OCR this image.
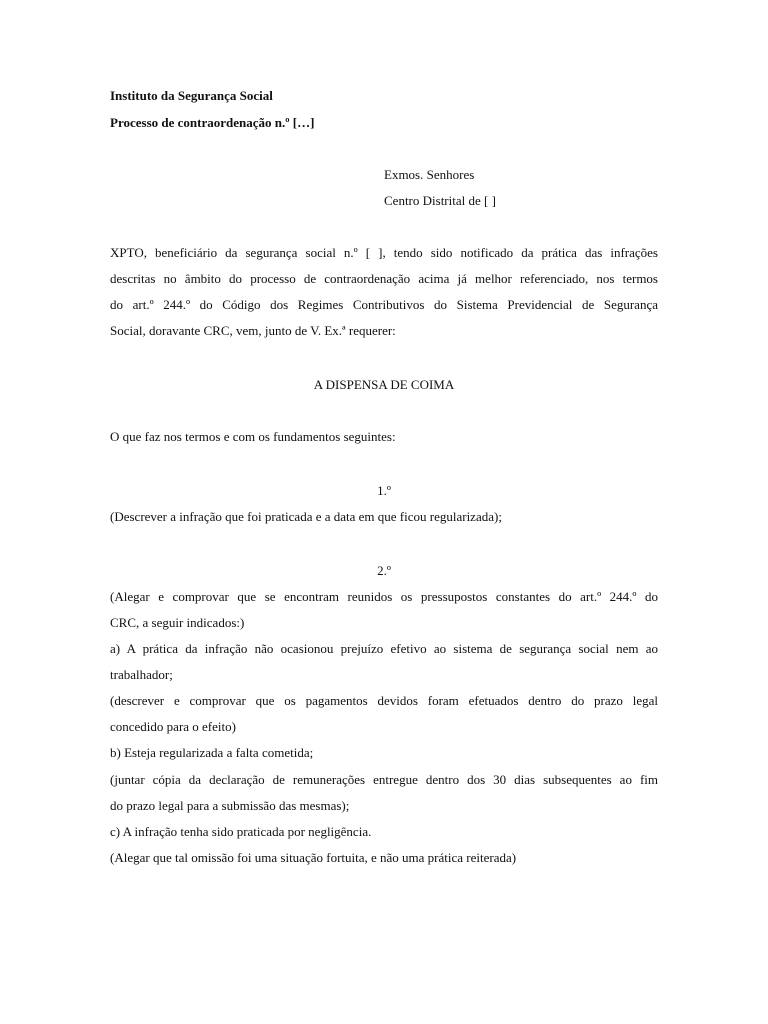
Instituto da Segurança Social
Processo de contraordenação n.º […]
Exmos. Senhores
Centro Distrital de [ ]
XPTO, beneficiário da segurança social n.º [ ], tendo sido notificado da prática das infrações
descritas no âmbito do processo de contraordenação acima já melhor referenciado, nos termos
do art.º 244.º do Código dos Regimes Contributivos do Sistema Previdencial de Segurança
Social, doravante CRC, vem, junto de V. Ex.ª requerer:
A DISPENSA DE COIMA
O que faz nos termos e com os fundamentos seguintes:
1.º
(Descrever a infração que foi praticada e a data em que ficou regularizada);
2.º
(Alegar e comprovar que se encontram reunidos os pressupostos constantes do art.º 244.º do
CRC, a seguir indicados:)
a) A prática da infração não ocasionou prejuízo efetivo ao sistema de segurança social nem ao
trabalhador;
(descrever e comprovar que os pagamentos devidos foram efetuados dentro do prazo legal
concedido para o efeito)
b) Esteja regularizada a falta cometida;
(juntar cópia da declaração de remunerações entregue dentro dos 30 dias subsequentes ao fim
do prazo legal para a submissão das mesmas);
c) A infração tenha sido praticada por negligência.
(Alegar que tal omissão foi uma situação fortuita, e não uma prática reiterada)
